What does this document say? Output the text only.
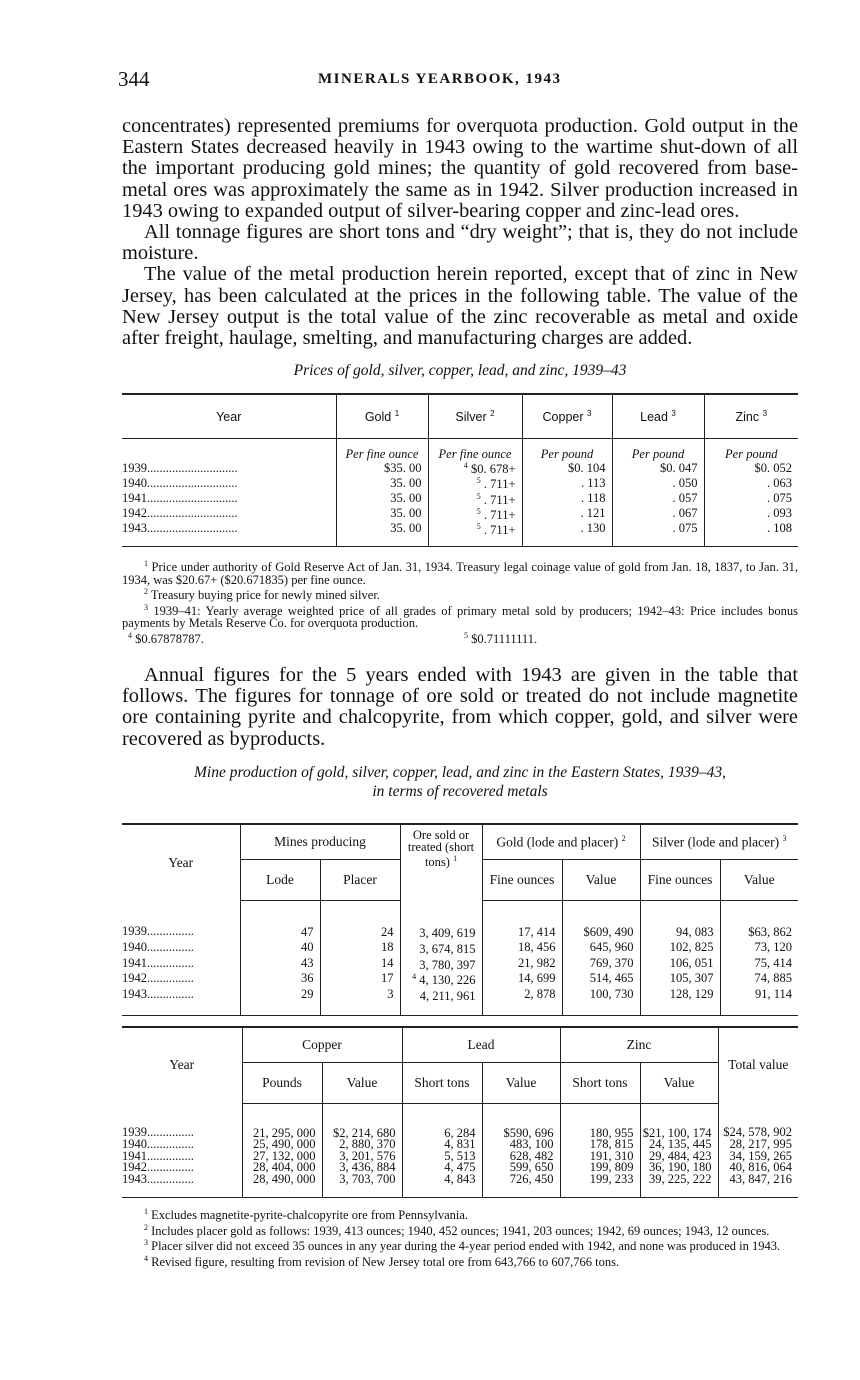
344	MINERALS YEARBOOK, 1943

concentrates) represented premiums for overquota production. Gold output in the Eastern States decreased heavily in 1943 owing to the wartime shut-down of all the important producing gold mines; the quantity of gold recovered from base-metal ores was approximately the same as in 1942. Silver production increased in 1943 owing to expanded output of silver-bearing copper and zinc-lead ores.

All tonnage figures are short tons and “dry weight”; that is, they do not include moisture.

The value of the metal production herein reported, except that of zinc in New Jersey, has been calculated at the prices in the following table. The value of the New Jersey output is the total value of the zinc recoverable as metal and oxide after freight, haulage, smelting, and manufacturing charges are added.

Prices of gold, silver, copper, lead, and zinc, 1939–43
Year	Gold $^1$	Silver $^2$	Copper $^3$	Lead $^3$	Zinc $^3$
	Per fine ounce	Per fine ounce	Per pound	Per pound	Per pound
1939.............................	$35. 00	$^4$ $0. 678+	$0. 104	$0. 047	$0. 052
1940.............................	35. 00	$^5$ . 711+	. 113	. 050	. 063
1941.............................	35. 00	$^5$ . 711+	. 118	. 057	. 075
1942.............................	35. 00	$^5$ . 711+	. 121	. 067	. 093
1943.............................	35. 00	$^5$ . 711+	. 130	. 075	. 108

$^1$ Price under authority of Gold Reserve Act of Jan. 31, 1934. Treasury legal coinage value of gold from Jan. 18, 1837, to Jan. 31, 1934, was $20.67+ ($20.671835) per fine ounce.

$^2$ Treasury buying price for newly mined silver.

$^3$ 1939–41: Yearly average weighted price of all grades of primary metal sold by producers; 1942–43: Price includes bonus payments by Metals Reserve Co. for overquota production.

$^4$ $0.67878787.	$^5$ $0.71111111.

Annual figures for the 5 years ended with 1943 are given in the table that follows. The figures for tonnage of ore sold or treated do not include magnetite ore containing pyrite and chalcopyrite, from which copper, gold, and silver were recovered as byproducts.

Mine production of gold, silver, copper, lead, and zinc in the Eastern States, 1939–43,
in terms of recovered metals
Year	Mines producing		Ore sold or treated (short tons) $^1$	Gold (lode and placer) $^2$		Silver (lode and placer) $^3$
	Lode	Placer		Fine ounces	Value	Fine ounces	Value
1939...............	47	24	3, 409, 619	17, 414	$609, 490	94, 083	$63, 862
1940...............	40	18	3, 674, 815	18, 456	645, 960	102, 825	73, 120
1941...............	43	14	3, 780, 397	21, 982	769, 370	106, 051	75, 414
1942...............	36	17	$^4$ 4, 130, 226	14, 699	514, 465	105, 307	74, 885
1943...............	29	3	4, 211, 961	2, 878	100, 730	128, 129	91, 114
Year	Copper		Lead		Zinc		Total value
	Pounds	Value	Short tons	Value	Short tons	Value	
1939...............	21, 295, 000	$2, 214, 680	6, 284	$590, 696	180, 955	$21, 100, 174	$24, 578, 902
1940...............	25, 490, 000	2, 880, 370	4, 831	483, 100	178, 815	24, 135, 445	28, 217, 995
1941...............	27, 132, 000	3, 201, 576	5, 513	628, 482	191, 310	29, 484, 423	34, 159, 265
1942...............	28, 404, 000	3, 436, 884	4, 475	599, 650	199, 809	36, 190, 180	40, 816, 064
1943...............	28, 490, 000	3, 703, 700	4, 843	726, 450	199, 233	39, 225, 222	43, 847, 216

$^1$ Excludes magnetite-pyrite-chalcopyrite ore from Pennsylvania.

$^2$ Includes placer gold as follows: 1939, 413 ounces; 1940, 452 ounces; 1941, 203 ounces; 1942, 69 ounces; 1943, 12 ounces.

$^3$ Placer silver did not exceed 35 ounces in any year during the 4-year period ended with 1942, and none was produced in 1943.

$^4$ Revised figure, resulting from revision of New Jersey total ore from 643,766 to 607,766 tons.
